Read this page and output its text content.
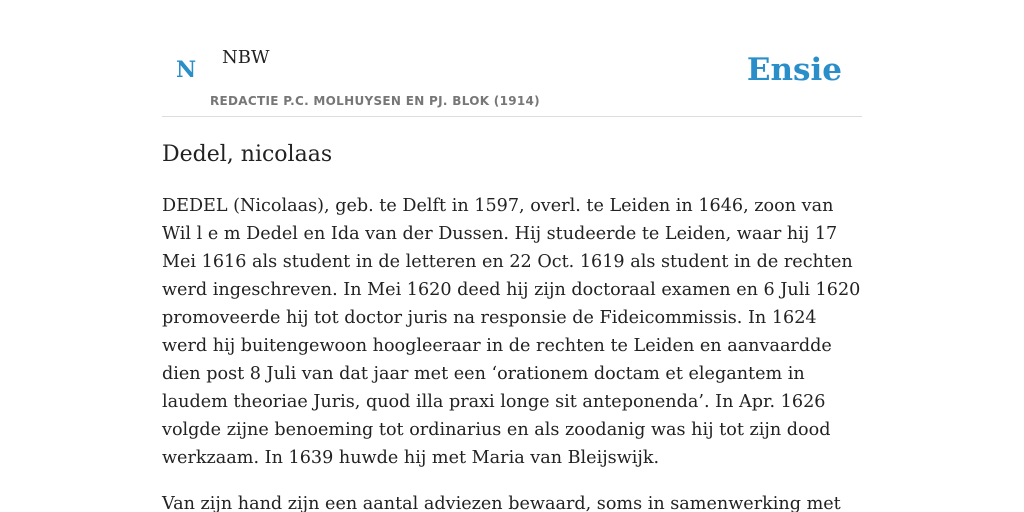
N NBW
REDACTIE P.C. MOLHUYSEN EN PJ. BLOK (1914)
Ensie
Dedel, nicolaas

DEDEL (Nicolaas), geb. te Delft in 1597, overl. te Leiden in 1646, zoon van Wil l e m Dedel en Ida van der Dussen. Hij studeerde te Leiden, waar hij 17 Mei 1616 als student in de letteren en 22 Oct. 1619 als student in de rechten werd ingeschreven. In Mei 1620 deed hij zijn doctoraal examen en 6 Juli 1620 promoveerde hij tot doctor juris na responsie de Fideicommissis. In 1624 werd hij buitengewoon hoogleeraar in de rechten te Leiden en aanvaardde dien post 8 Juli van dat jaar met een ‘orationem doctam et elegantem in laudem theoriae Juris, quod illa praxi longe sit anteponenda’. In Apr. 1626 volgde zijne benoeming tot ordinarius en als zoodanig was hij tot zijn dood werkzaam. In 1639 huwde hij met Maria van Bleijswijk.

Van zijn hand zijn een aantal adviezen bewaard, soms in samenwerking met
